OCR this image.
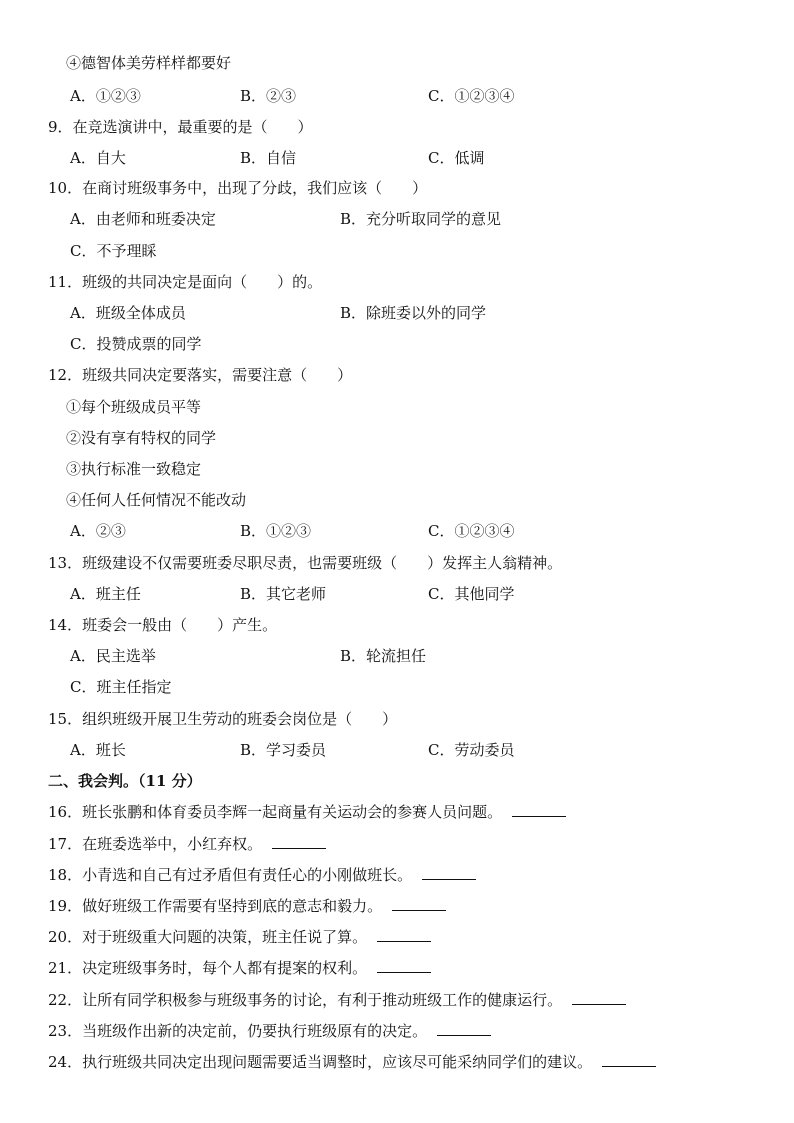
④德智体美劳样样都要好
A．①②③	B．②③	C．①②③④
9．在竞选演讲中，最重要的是（　　）
A．自大	B．自信	C．低调
10．在商讨班级事务中，出现了分歧，我们应该（　　）
A．由老师和班委决定	B．充分听取同学的意见
C．不予理睬
11．班级的共同决定是面向（　　）的。
A．班级全体成员	B．除班委以外的同学
C．投赞成票的同学
12．班级共同决定要落实，需要注意（　　）
①每个班级成员平等
②没有享有特权的同学
③执行标准一致稳定
④任何人任何情况不能改动
A．②③	B．①②③	C．①②③④
13．班级建设不仅需要班委尽职尽责，也需要班级（　　）发挥主人翁精神。
A．班主任	B．其它老师	C．其他同学
14．班委会一般由（　　）产生。
A．民主选举	B．轮流担任
C．班主任指定
15．组织班级开展卫生劳动的班委会岗位是（　　）
A．班长	B．学习委员	C．劳动委员
二、我会判。（11 分）
16．班长张鹏和体育委员李辉一起商量有关运动会的参赛人员问题。
17．在班委选举中，小红弃权。
18．小青选和自己有过矛盾但有责任心的小刚做班长。
19．做好班级工作需要有坚持到底的意志和毅力。
20．对于班级重大问题的决策，班主任说了算。
21．决定班级事务时，每个人都有提案的权利。
22．让所有同学积极参与班级事务的讨论，有利于推动班级工作的健康运行。
23．当班级作出新的决定前，仍要执行班级原有的决定。
24．执行班级共同决定出现问题需要适当调整时，应该尽可能采纳同学们的建议。
